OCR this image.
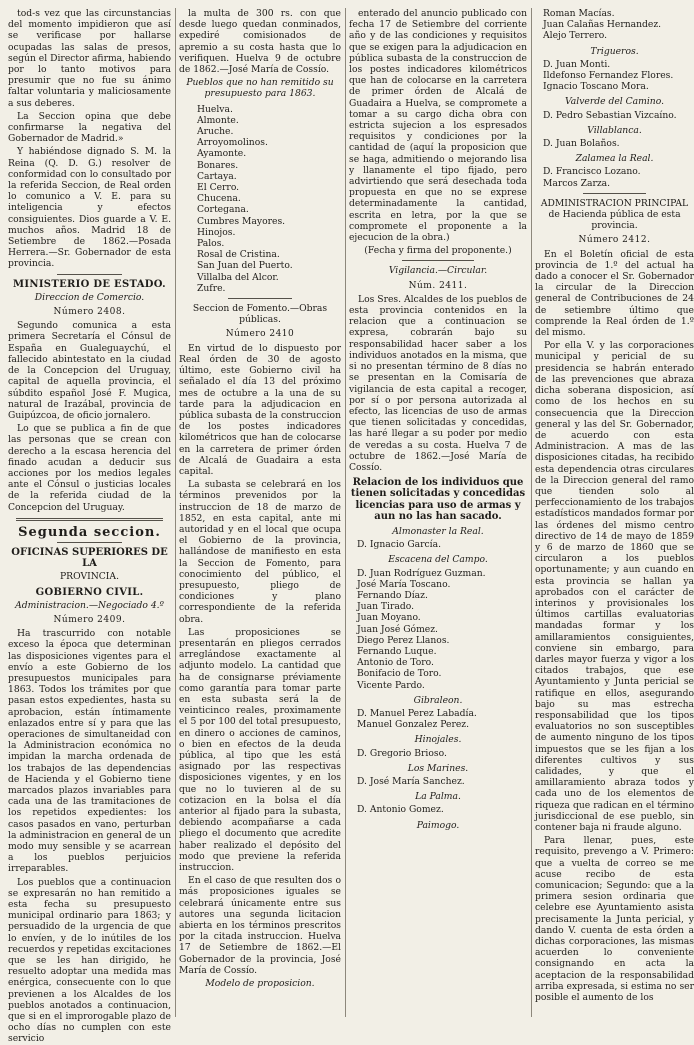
tod-s vez que las circunstancias del momento impidieron que así se verificase por hallarse ocupadas las salas de presos, según el Director afirma, habiendo por lo tanto motivos para presumir que no fue su ánimo faltar voluntaria y maliciosamente a sus deberes.

La Seccion opina que debe confirmarse la negativa del Gobernador de Madrid.»

Y habiéndose dignado S. M. la Reina (Q. D. G.) resolver de conformidad con lo consultado por la referida Seccion, de Real orden lo comunico a V. E. para su inteligencia y efectos consiguientes. Dios guarde a V. E. muchos años. Madrid 18 de Setiembre de 1862.—Posada Herrera.—Sr. Gobernador de esta provincia.

MINISTERIO DE ESTADO.

Direccion de Comercio.

Número 2408.

Segundo comunica a esta primera Secretaría el Cónsul de España en Gualeguaychú, el fallecido abintestato en la ciudad de la Concepcion del Uruguay, capital de aquella provincia, el súbdito español José F. Mugica, natural de Irazábal, provincia de Guipúzcoa, de oficio jornalero.

Lo que se publica a fin de que las personas que se crean con derecho a la escasa herencia del finado acudan a deducir sus acciones por los medios legales ante el Cónsul o justicias locales de la referida ciudad de la Concepcion del Uruguay.

Segunda seccion.

OFICINAS SUPERIORES DE LA

PROVINCIA.

GOBIERNO CIVIL.

Administracion.—Negociado 4.º

Número 2409.

Ha trascurrido con notable exceso la época que determinan las disposiciones vigentes para el envío a este Gobierno de los presupuestos municipales para 1863. Todos los trámites por que pasan estos expedientes, hasta su aprobacion, están íntimamente enlazados entre sí y para que las operaciones de simultaneidad con la Administracion económica no impidan la marcha ordenada de los trabajos de las dependencias de Hacienda y el Gobierno tiene marcados plazos invariables para cada una de las tramitaciones de los repetidos expedientes: los casos pasados en vano, perturban la administracion en general de un modo muy sensible y se acarrean a los pueblos perjuicios irreparables.

Los pueblos que a continuacion se expresarán no han remitido a esta fecha su presupuesto municipal ordinario para 1863; y persuadido de la urgencia de que lo envíen, y de lo inútiles de los recuerdos y repetidas excitaciones que se les han dirigido, he resuelto adoptar una medida mas enérgica, consecuente con lo que previenen a los Alcaldes de los pueblos anotados a continuacion, que si en el improrogable plazo de ocho días no cumplen con este servicio

la multa de 300 rs. con que desde luego quedan conminados, expediré comisionados de apremio a su costa hasta que lo verifiquen. Huelva 9 de octubre de 1862.—José María de Cossío.

Pueblos que no han remitido su presupuesto para 1863.

Huelva.
Almonte.
Aruche.
Arroyomolinos.
Ayamonte.
Bonares.
Cartaya.
El Cerro.
Chucena.
Cortegana.
Cumbres Mayores.
Hinojos.
Palos.
Rosal de Cristina.
San Juan del Puerto.
Villalba del Alcor.
Zufre.

Seccion de Fomento.—Obras públicas.

Número 2410

En virtud de lo dispuesto por Real órden de 30 de agosto último, este Gobierno civil ha señalado el día 13 del próximo mes de octubre a la una de su tarde para la adjudicacion en pública subasta de la construccion de los postes indicadores kilométricos que han de colocarse en la carretera de primer órden de Alcalá de Guadaira a esta capital.

La subasta se celebrará en los términos prevenidos por la instruccion de 18 de marzo de 1852, en esta capital, ante mi autoridad y en el local que ocupa el Gobierno de la provincia, hallándose de manifiesto en esta la Seccion de Fomento, para conocimiento del público, el presupuesto, pliego de condiciones y plano correspondiente de la referida obra.

Las proposiciones se presentarán en pliegos cerrados arreglándose exactamente al adjunto modelo. La cantidad que ha de consignarse préviamente como garantía para tomar parte en esta subasta será la de veinticinco reales, proximamente el 5 por 100 del total presupuesto, en dinero o acciones de caminos, o bien en efectos de la deuda pública, al tipo que les está asignado por las respectivas disposiciones vigentes, y en los que no lo tuvieren al de su cotizacion en la bolsa el día anterior al fijado para la subasta, debiendo acompañarse a cada pliego el documento que acredite haber realizado el depósito del modo que previene la referida instruccion.

En el caso de que resulten dos o más proposiciones iguales se celebrará únicamente entre sus autores una segunda licitacion abierta en los términos prescritos por la citada instruccion. Huelva 17 de Setiembre de 1862.—El Gobernador de la provincia, José María de Cossío.

Modelo de proposicion.

enterado del anuncio publicado con fecha 17 de Setiembre del corriente año y de las condiciones y requisitos que se exigen para la adjudicacion en pública subasta de la construccion de los postes indicadores kilométricos que han de colocarse en la carretera de primer órden de Alcalá de Guadaira a Huelva, se compromete a tomar a su cargo dicha obra con estricta sujecion a los espresados requisitos y condiciones por la cantidad de (aquí la proposicion que se haga, admitiendo o mejorando lisa y llanamente el tipo fijado, pero advirtiendo que será desechada toda propuesta en que no se exprese determinadamente la cantidad, escrita en letra, por la que se compromete el proponente a la ejecucion de la obra.)

(Fecha y firma del proponente.)

Vigilancia.—Circular.

Núm. 2411.

Los Sres. Alcaldes de los pueblos de esta provincia contenidos en la relacion que a continuacion se expresa, cobrarán bajo su responsabilidad hacer saber a los individuos anotados en la misma, que si no presentan término de 8 días no se presentan en la Comisaría de vigilancia de esta capital a recoger, por sí o por persona autorizada al efecto, las licencias de uso de armas que tienen solicitadas y concedidas, las haré llegar a su poder por medio de veredas a su costa. Huelva 7 de octubre de 1862.—José María de Cossío.

Relacion de los individuos que tienen solicitadas y concedidas licencias para uso de armas y aun no las han sacado.

Almonaster la Real.

D. Ignacio García.

Escacena del Campo.

D. Juan Rodríguez Guzman.
José María Toscano.
Fernando Díaz.
Juan Tirado.
Juan Moyano.
Juan José Gómez.
Diego Perez Llanos.
Fernando Luque.
Antonio de Toro.
Bonifacio de Toro.
Vicente Pardo.

Gibraleon.

D. Manuel Perez Labadía.
Manuel Gonzalez Perez.

Hinojales.

D. Gregorio Brioso.

Los Marines.

D. José María Sanchez.

La Palma.

D. Antonio Gomez.

Paimogo.

Roman Macías.
Juan Calañas Hernandez.
Alejo Terrero.

Trigueros.

D. Juan Monti.
Ildefonso Fernandez Flores.
Ignacio Toscano Mora.

Valverde del Camino.

D. Pedro Sebastian Vizcaíno.

Villablanca.

D. Juan Bolaños.

Zalamea la Real.

D. Francisco Lozano.
Marcos Zarza.

ADMINISTRACION PRINCIPAL de Hacienda pública de esta provincia.

Número 2412.

En el Boletín oficial de esta provincia de 1.º del actual ha dado a conocer el Sr. Gobernador la circular de la Direccion general de Contribuciones de 24 de setiembre último que comprende la Real órden de 1.º del mismo.

Por ella V. y las corporaciones municipal y pericial de su presidencia se habrán enterado de las prevenciones que abraza dicha soberana disposicion, así como de los hechos en su consecuencia que la Direccion general y las del Sr. Gobernador, de acuerdo con esta Administracion. A mas de las disposiciones citadas, ha recibido esta dependencia otras circulares de la Direccion general del ramo que tienden solo al perfeccionamiento de los trabajos estadísticos mandados formar por las órdenes del mismo centro directivo de 14 de mayo de 1859 y 6 de marzo de 1860 que se circularon a los pueblos oportunamente; y aun cuando en esta provincia se hallan ya aprobados con el carácter de interinos y provisionales los últimos cartillas evaluatorias mandadas formar y los amillaramientos consiguientes, conviene sin embargo, para darles mayor fuerza y vigor a los citados trabajos, que ese Ayuntamiento y Junta pericial se ratifique en ellos, asegurando bajo su mas estrecha responsabilidad que los tipos evaluatorios no son susceptibles de aumento ninguno de los tipos impuestos que se les fijan a los diferentes cultivos y sus calidades, y que el amillaramiento abraza todos y cada uno de los elementos de riqueza que radican en el término jurisdiccional de ese pueblo, sin contener baja ni fraude alguno.

Para llenar, pues, este requisito, prevengo a V. Primero: que a vuelta de correo se me acuse recibo de esta comunicacion; Segundo: que a la primera sesion ordinaria que celebre ese Ayuntamiento asista precisamente la Junta pericial, y dando V. cuenta de esta órden a dichas corporaciones, las mismas acuerden lo conveniente consignando en acta la aceptacion de la responsabilidad arriba expresada, si estima no ser posible el aumento de los
